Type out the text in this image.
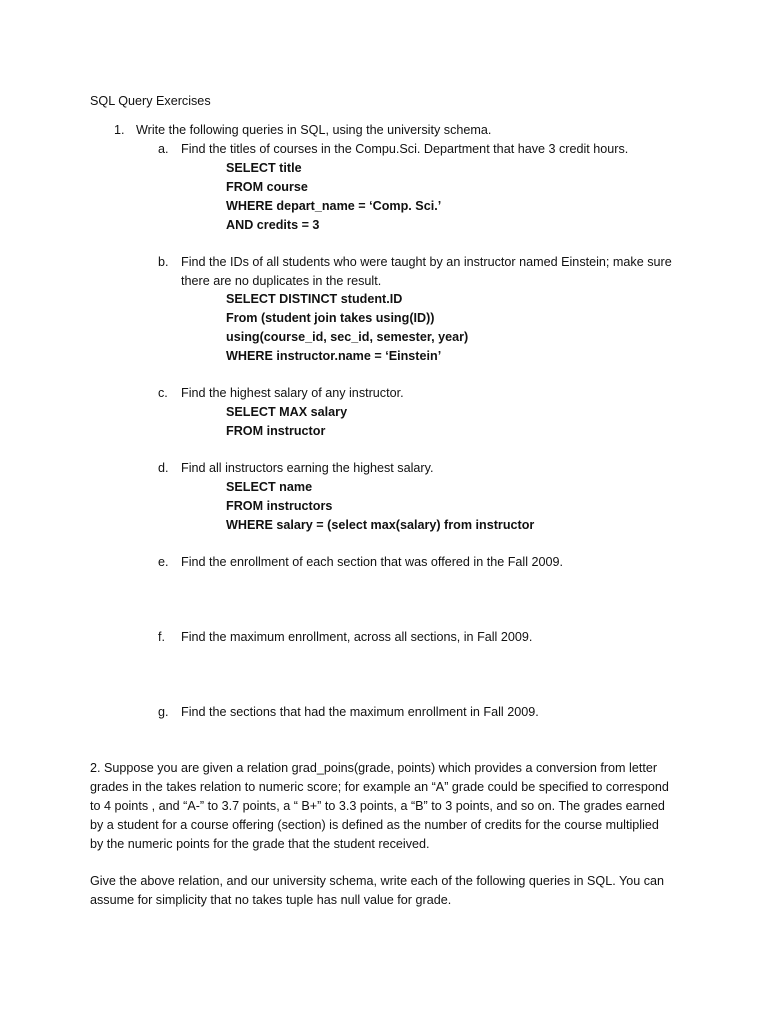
SQL Query Exercises
1. Write the following queries in SQL, using the university schema.
a. Find the titles of courses in the Compu.Sci. Department that have 3 credit hours.
SELECT title
FROM course
WHERE depart_name = ‘Comp. Sci.’
AND credits = 3
b. Find the IDs of all students who were taught by an instructor named Einstein; make sure
there are no duplicates in the result.
SELECT DISTINCT student.ID
From (student join takes using(ID))
using(course_id, sec_id, semester, year)
WHERE instructor.name = ‘Einstein’
c. Find the highest salary of any instructor.
SELECT MAX salary
FROM instructor
d. Find all instructors earning the highest salary.
SELECT name
FROM instructors
WHERE salary = (select max(salary) from instructor
e. Find the enrollment of each section that was offered in the Fall 2009.
f. Find the maximum enrollment, across all sections, in Fall 2009.
g. Find the sections that had the maximum enrollment in Fall 2009.
2. Suppose you are given a relation grad_poins(grade, points) which provides a conversion from letter
grades in the takes relation to numeric score; for example an “A” grade could be specified to correspond
to 4 points , and “A-” to 3.7 points, a “ B+” to 3.3 points, a “B” to 3 points, and so on. The grades earned
by a student for a course offering (section) is defined as the number of credits for the course multiplied
by the numeric points for the grade that the student received.
Give the above relation, and our university schema, write each of the following queries in SQL. You can
assume for simplicity that no takes tuple has null value for grade.
